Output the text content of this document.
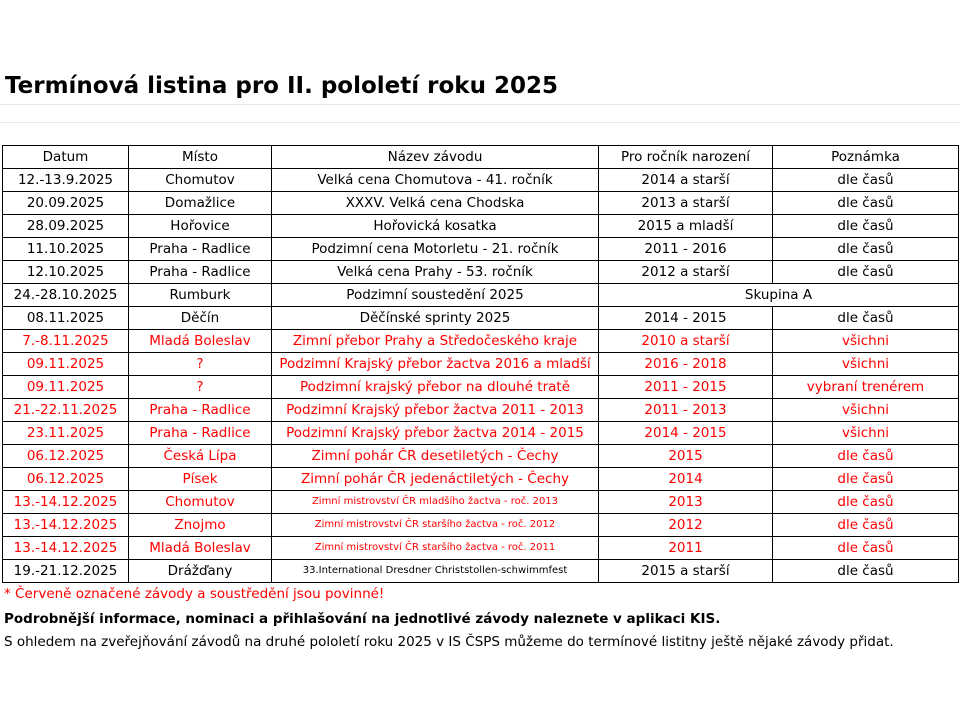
Termínová listina pro II. pololetí roku 2025
Datum	Místo	Název závodu	Pro ročník narození	Poznámka
12.-13.9.2025	Chomutov	Velká cena Chomutova - 41. ročník	2014 a starší	dle časů
20.09.2025	Domažlice	XXXV. Velká cena Chodska	2013 a starší	dle časů
28.09.2025	Hořovice	Hořovická kosatka	2015 a mladší	dle časů
11.10.2025	Praha - Radlice	Podzimní cena Motorletu - 21. ročník	2011 - 2016	dle časů
12.10.2025	Praha - Radlice	Velká cena Prahy - 53. ročník	2012 a starší	dle časů
24.-28.10.2025	Rumburk	Podzimní soustedění 2025	Skupina A	
08.11.2025	Děčín	Děčínské sprinty 2025	2014 - 2015	dle časů
7.-8.11.2025	Mladá Boleslav	Zimní přebor Prahy a Středočeského kraje	2010 a starší	všichni
09.11.2025	?	Podzimní Krajský přebor žactva 2016 a mladší	2016 - 2018	všichni
09.11.2025	?	Podzimní krajský přebor na dlouhé tratě	2011 - 2015	vybraní trenérem
21.-22.11.2025	Praha - Radlice	Podzimní Krajský přebor žactva 2011 - 2013	2011 - 2013	všichni
23.11.2025	Praha - Radlice	Podzimní Krajský přebor žactva 2014 - 2015	2014 - 2015	všichni
06.12.2025	Česká Lípa	Zimní pohár ČR desetiletých - Čechy	2015	dle časů
06.12.2025	Písek	Zimní pohár ČR jedenáctiletých - Čechy	2014	dle časů
13.-14.12.2025	Chomutov	Zimní mistrovství ČR mladšího žactva - roč. 2013	2013	dle časů
13.-14.12.2025	Znojmo	Zimní mistrovství ČR staršího žactva - roč. 2012	2012	dle časů
13.-14.12.2025	Mladá Boleslav	Zimní mistrovství ČR staršího žactva - roč. 2011	2011	dle časů
19.-21.12.2025	Drážďany	33.International Dresdner Christstollen-schwimmfest	2015 a starší	dle časů
* Červeně označené závody a soustředění jsou povinné!
Podrobnější informace, nominaci a přihlašování na jednotlivé závody naleznete v aplikaci KIS.
S ohledem na zveřejňování závodů na druhé pololetí roku 2025 v IS ČSPS můžeme do termínové listitny ještě nějaké závody přidat.
